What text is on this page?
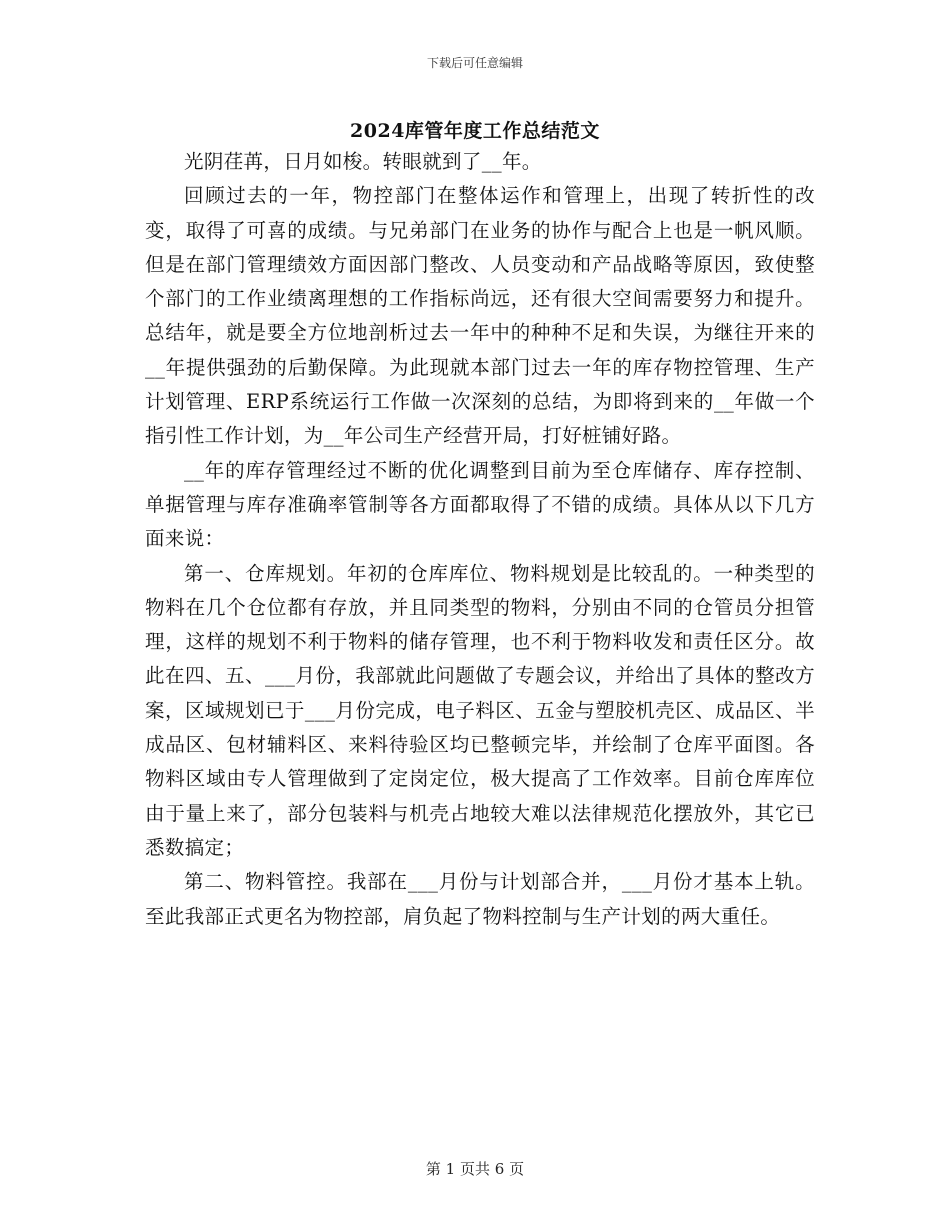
下载后可任意编辑
2024库管年度工作总结范文

光阴荏苒，日月如梭。转眼就到了__年。

回顾过去的一年，物控部门在整体运作和管理上，出现了转折性的改变，取得了可喜的成绩。与兄弟部门在业务的协作与配合上也是一帆风顺。但是在部门管理绩效方面因部门整改、人员变动和产品战略等原因，致使整个部门的工作业绩离理想的工作指标尚远，还有很大空间需要努力和提升。总结年，就是要全方位地剖析过去一年中的种种不足和失误，为继往开来的__年提供强劲的后勤保障。为此现就本部门过去一年的库存物控管理、生产计划管理、ERP系统运行工作做一次深刻的总结，为即将到来的__年做一个指引性工作计划，为__年公司生产经营开局，打好桩铺好路。

__年的库存管理经过不断的优化调整到目前为至仓库储存、库存控制、单据管理与库存准确率管制等各方面都取得了不错的成绩。具体从以下几方面来说：

第一、仓库规划。年初的仓库库位、物料规划是比较乱的。一种类型的物料在几个仓位都有存放，并且同类型的物料，分别由不同的仓管员分担管理，这样的规划不利于物料的储存管理，也不利于物料收发和责任区分。故此在四、五、___月份，我部就此问题做了专题会议，并给出了具体的整改方案，区域规划已于___月份完成，电子料区、五金与塑胶机壳区、成品区、半成品区、包材辅料区、来料待验区均已整顿完毕，并绘制了仓库平面图。各物料区域由专人管理做到了定岗定位，极大提高了工作效率。目前仓库库位由于量上来了，部分包装料与机壳占地较大难以法律规范化摆放外，其它已悉数搞定；

第二、物料管控。我部在___月份与计划部合并，___月份才基本上轨。至此我部正式更名为物控部，肩负起了物料控制与生产计划的两大重任。

第 1 页共 6 页
